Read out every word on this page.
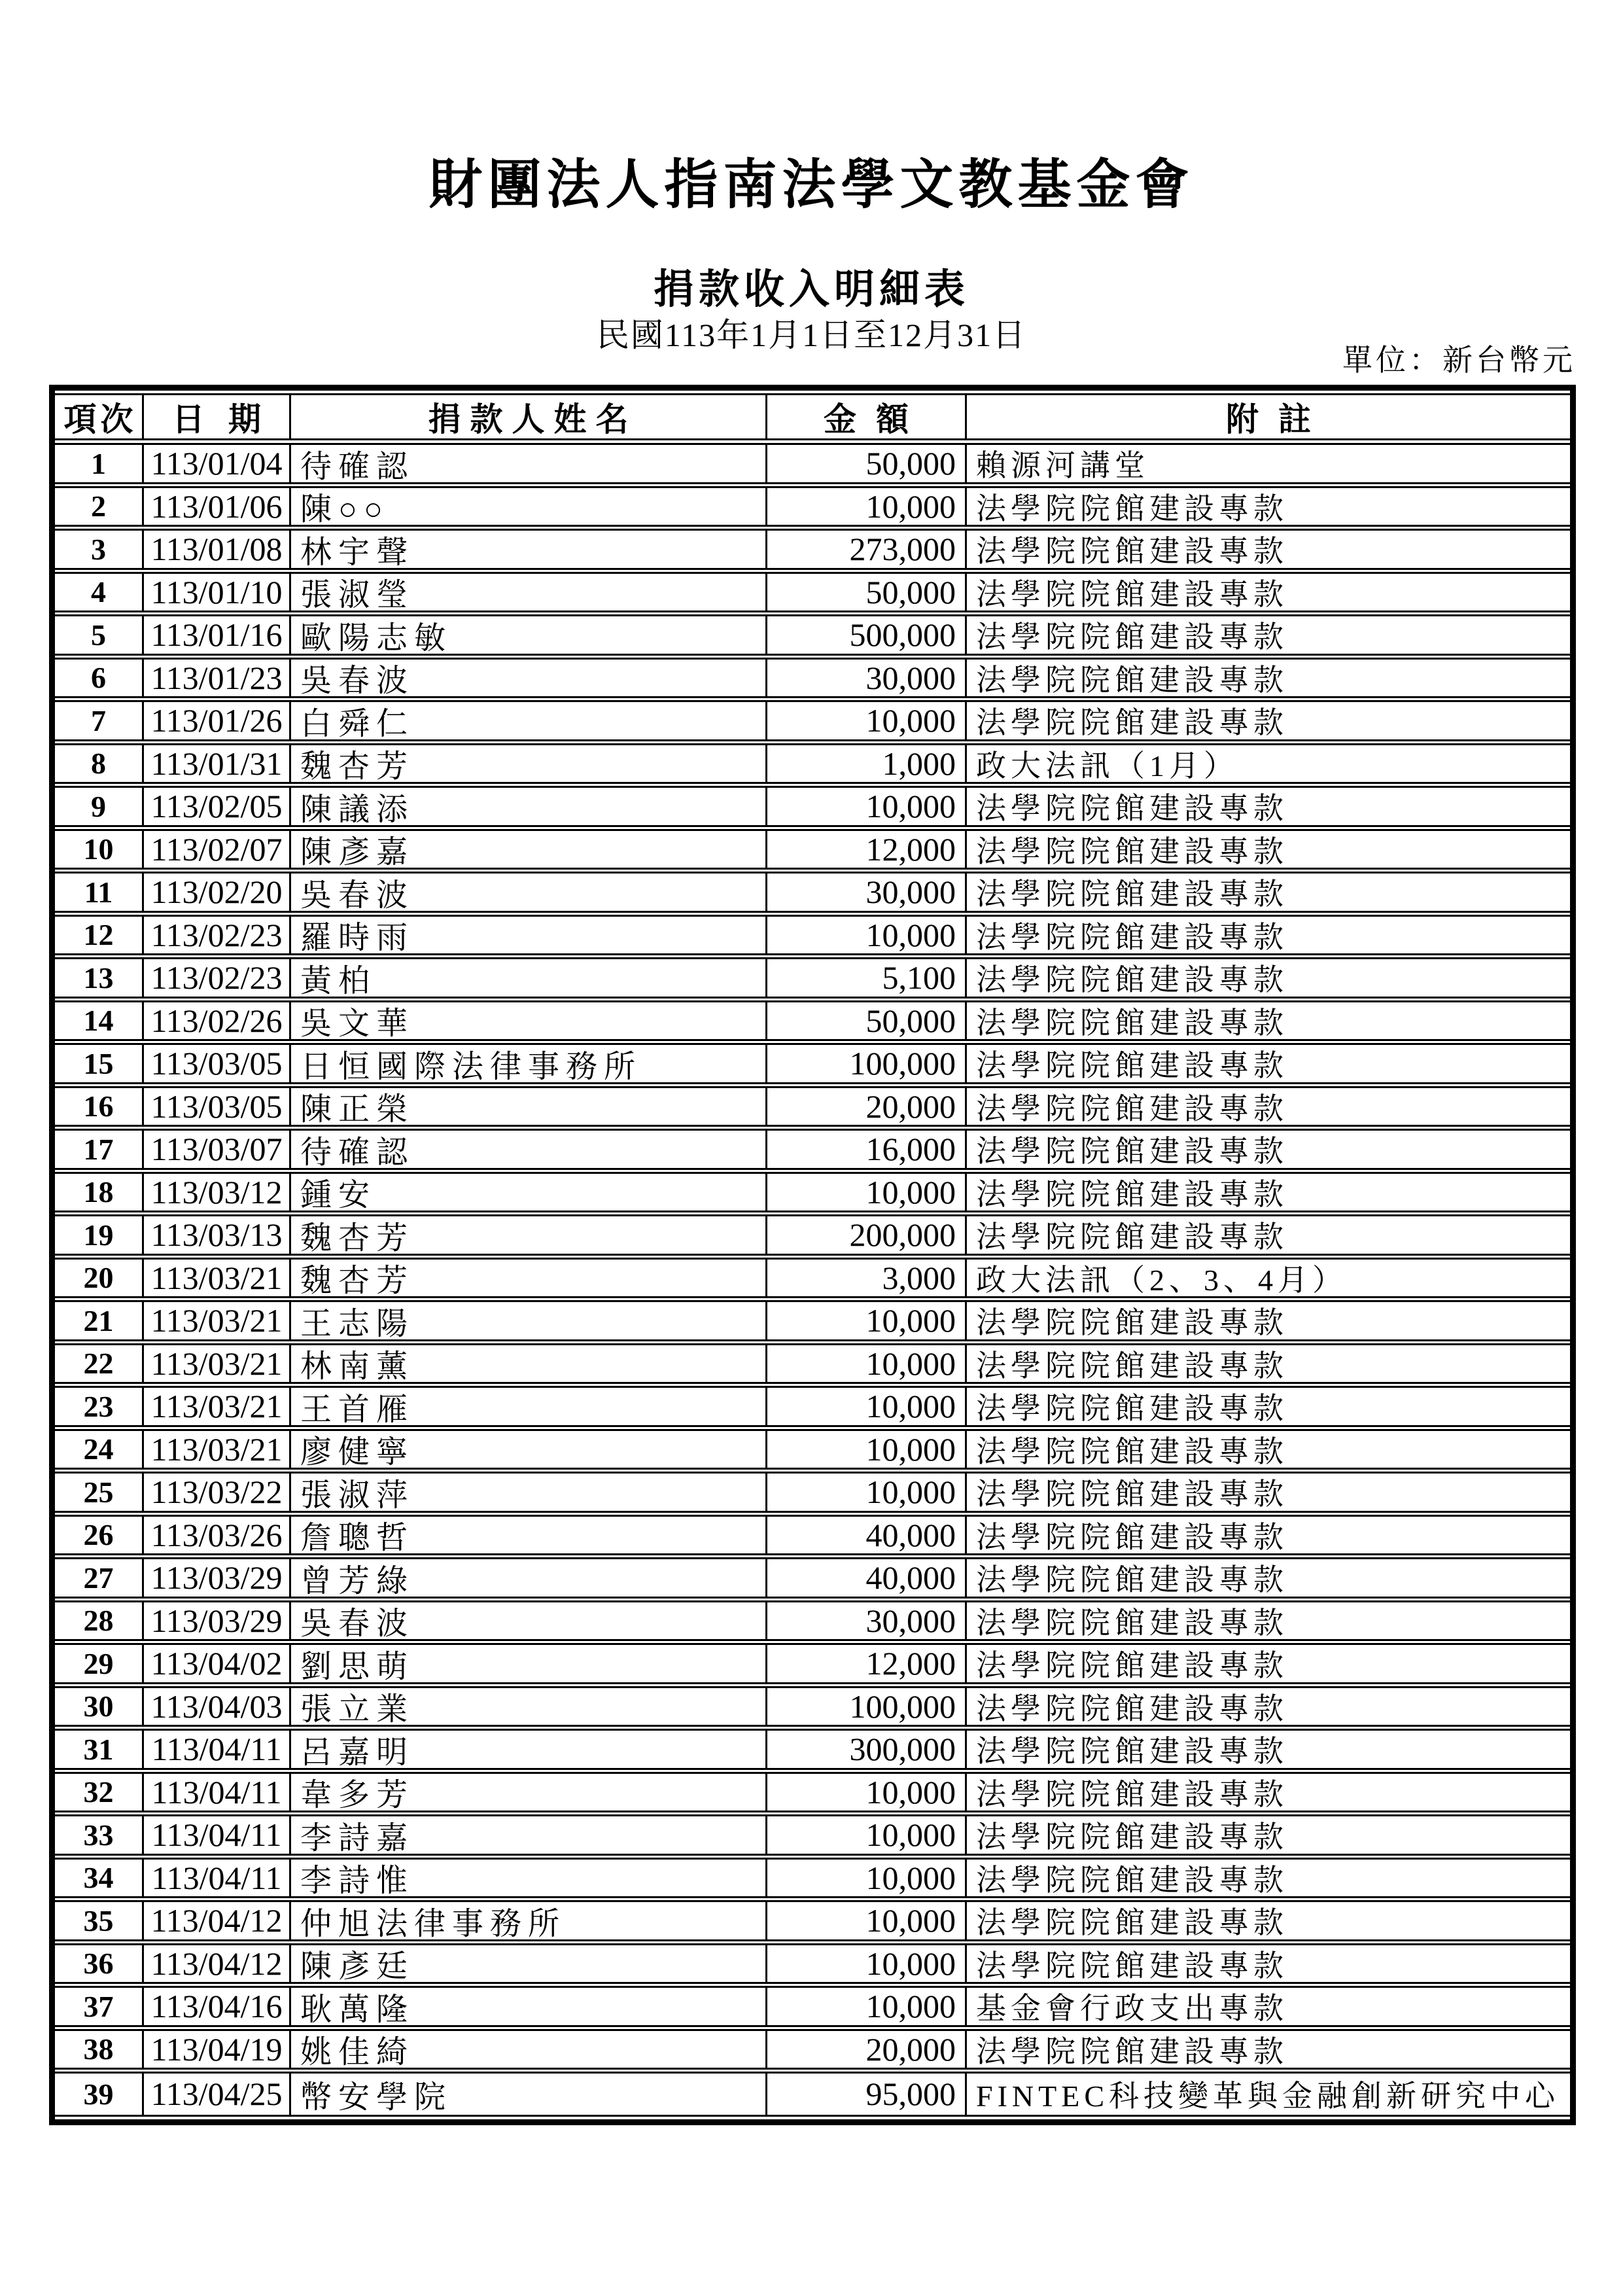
財團法人指南法學文教基金會
捐款收入明細表
民國113年1月1日至12月31日
單位：新台幣元
項次	日期	捐款人姓名	金額	附註
1	113/01/04 待確認	50,000 賴源河講堂
2	113/01/06 陳○○	10,000 法學院院館建設專款
3	113/01/08 林宇聲	273,000 法學院院館建設專款
4	113/01/10 張淑瑩	50,000 法學院院館建設專款
5	113/01/16 歐陽志敏	500,000 法學院院館建設專款
6	113/01/23 吳春波	30,000 法學院院館建設專款
7	113/01/26 白舜仁	10,000 法學院院館建設專款
8	113/01/31 魏杏芳	1,000 政大法訊（1月）
9	113/02/05 陳議添	10,000 法學院院館建設專款
10	113/02/07 陳彥嘉	12,000 法學院院館建設專款
11	113/02/20 吳春波	30,000 法學院院館建設專款
12	113/02/23 羅時雨	10,000 法學院院館建設專款
13	113/02/23 黃柏	5,100 法學院院館建設專款
14	113/02/26 吳文華	50,000 法學院院館建設專款
15	113/03/05 日恒國際法律事務所	100,000 法學院院館建設專款
16	113/03/05 陳正榮	20,000 法學院院館建設專款
17	113/03/07 待確認	16,000 法學院院館建設專款
18	113/03/12 鍾安	10,000 法學院院館建設專款
19	113/03/13 魏杏芳	200,000 法學院院館建設專款
20	113/03/21 魏杏芳	3,000 政大法訊（2、3、4月）
21	113/03/21 王志陽	10,000 法學院院館建設專款
22	113/03/21 林南薰	10,000 法學院院館建設專款
23	113/03/21 王首雁	10,000 法學院院館建設專款
24	113/03/21 廖健寧	10,000 法學院院館建設專款
25	113/03/22 張淑萍	10,000 法學院院館建設專款
26	113/03/26 詹聰哲	40,000 法學院院館建設專款
27	113/03/29 曾芳綠	40,000 法學院院館建設專款
28	113/03/29 吳春波	30,000 法學院院館建設專款
29	113/04/02 劉思萌	12,000 法學院院館建設專款
30	113/04/03 張立業	100,000 法學院院館建設專款
31	113/04/11 呂嘉明	300,000 法學院院館建設專款
32	113/04/11 韋多芳	10,000 法學院院館建設專款
33	113/04/11 李詩嘉	10,000 法學院院館建設專款
34	113/04/11 李詩惟	10,000 法學院院館建設專款
35	113/04/12 仲旭法律事務所	10,000 法學院院館建設專款
36	113/04/12 陳彥廷	10,000 法學院院館建設專款
37	113/04/16 耿萬隆	10,000 基金會行政支出專款
38	113/04/19 姚佳綺	20,000 法學院院館建設專款
39	113/04/25 幣安學院	95,000 FINTEC科技變革與金融創新研究中心
